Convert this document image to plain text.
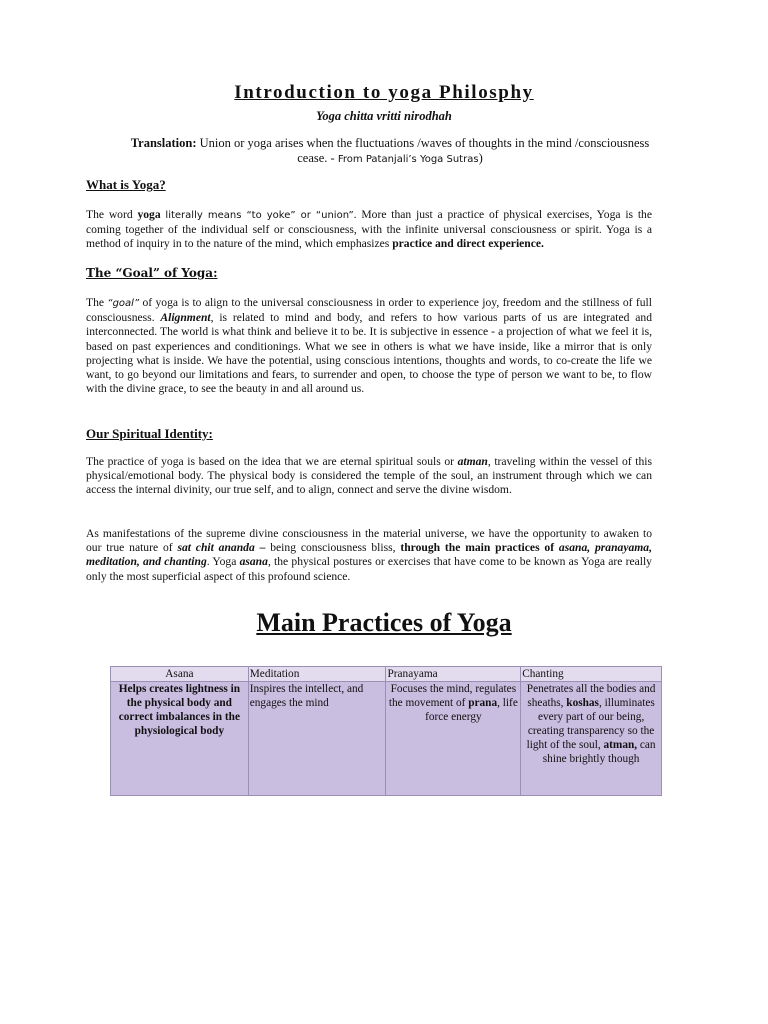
Introduction to yoga Philosphy
Yoga chitta vritti nirodhah
Translation: Union or yoga arises when the fluctuations /waves of thoughts in the mind /consciousness cease. - From Patanjali’s Yoga Sutras)
What is Yoga?
The word yoga literally means “to yoke” or “union”. More than just a practice of physical exercises, Yoga is the coming together of the individual self or consciousness, with the infinite universal consciousness or spirit. Yoga is a method of inquiry in to the nature of the mind, which emphasizes practice and direct experience.
The “Goal” of Yoga:
The “goal” of yoga is to align to the universal consciousness in order to experience joy, freedom and the stillness of full consciousness. Alignment, is related to mind and body, and refers to how various parts of us are integrated and interconnected. The world is what think and believe it to be. It is subjective in essence - a projection of what we feel it is, based on past experiences and conditionings. What we see in others is what we have inside, like a mirror that is only projecting what is inside. We have the potential, using conscious intentions, thoughts and words, to co-create the life we want, to go beyond our limitations and fears, to surrender and open, to choose the type of person we want to be, to flow with the divine grace, to see the beauty in and all around us.
Our Spiritual Identity:
The practice of yoga is based on the idea that we are eternal spiritual souls or atman, traveling within the vessel of this physical/emotional body. The physical body is considered the temple of the soul, an instrument through which we can access the internal divinity, our true self, and to align, connect and serve the divine wisdom.
As manifestations of the supreme divine consciousness in the material universe, we have the opportunity to awaken to our true nature of sat chit ananda – being consciousness bliss, through the main practices of asana, pranayama, meditation, and chanting. Yoga asana, the physical postures or exercises that have come to be known as Yoga are really only the most superficial aspect of this profound science.
Main Practices of Yoga
Asana	Meditation	Pranayama	Chanting
Helps creates lightness in the physical body and correct imbalances in the physiological body	Inspires the intellect, and engages the mind	Focuses the mind, regulates the movement of prana, life force energy	Penetrates all the bodies and sheaths, koshas, illuminates every part of our being, creating transparency so the light of the soul, atman, can shine brightly though
